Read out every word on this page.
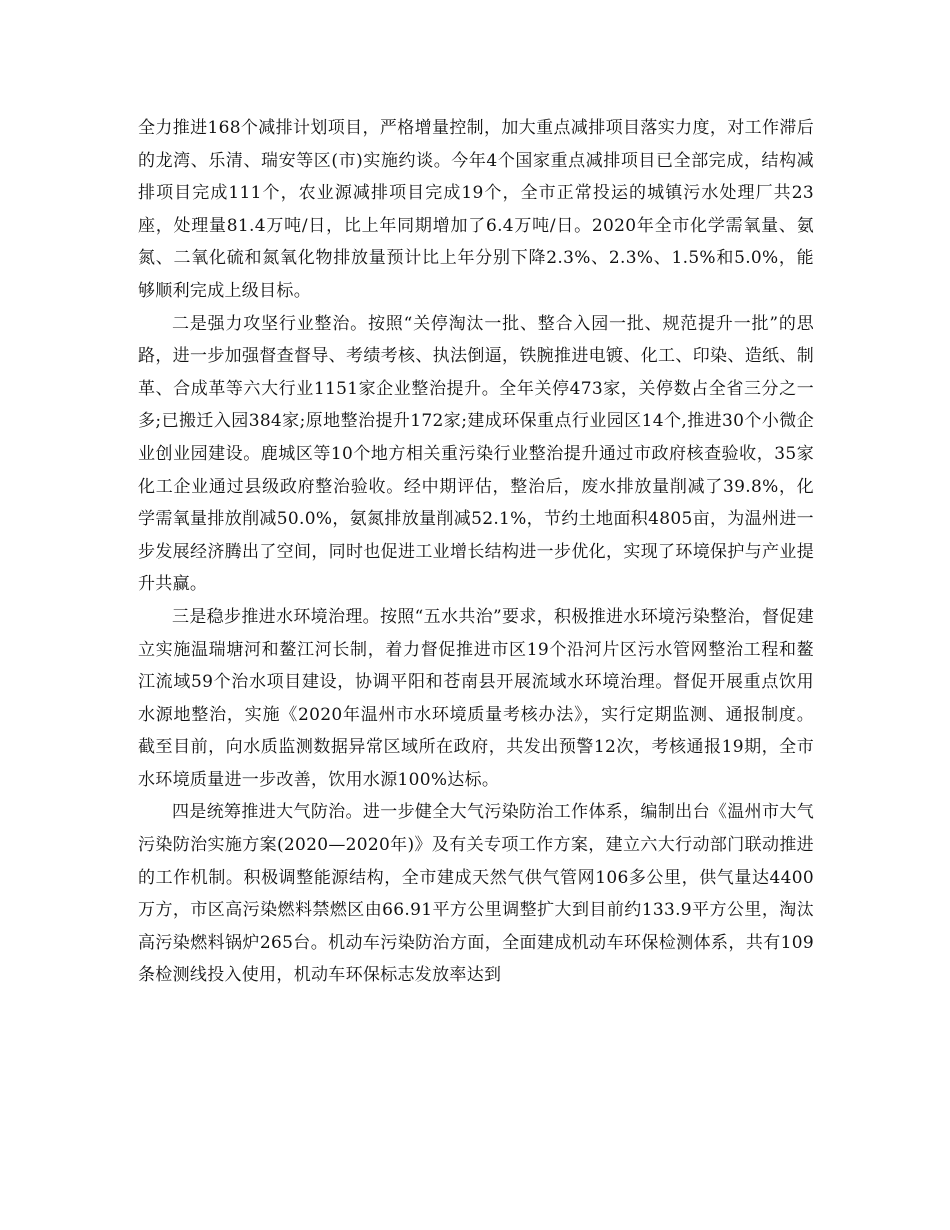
全力推进168个减排计划项目，严格增量控制，加大重点减排项目落实力度，对工作滞后的龙湾、乐清、瑞安等区(市)实施约谈。今年4个国家重点减排项目已全部完成，结构减排项目完成111个，农业源减排项目完成19个，全市正常投运的城镇污水处理厂共23座，处理量81.4万吨/日，比上年同期增加了6.4万吨/日。2020年全市化学需氧量、氨氮、二氧化硫和氮氧化物排放量预计比上年分别下降2.3%、2.3%、1.5%和5.0%，能够顺利完成上级目标。

二是强力攻坚行业整治。按照“关停淘汰一批、整合入园一批、规范提升一批”的思路，进一步加强督查督导、考绩考核、执法倒逼，铁腕推进电镀、化工、印染、造纸、制革、合成革等六大行业1151家企业整治提升。全年关停473家，关停数占全省三分之一多;已搬迁入园384家;原地整治提升172家;建成环保重点行业园区14个,推进30个小微企业创业园建设。鹿城区等10个地方相关重污染行业整治提升通过市政府核查验收，35家化工企业通过县级政府整治验收。经中期评估，整治后，废水排放量削减了39.8%，化学需氧量排放削减50.0%，氨氮排放量削减52.1%，节约土地面积4805亩，为温州进一步发展经济腾出了空间，同时也促进工业增长结构进一步优化，实现了环境保护与产业提升共赢。

三是稳步推进水环境治理。按照“五水共治”要求，积极推进水环境污染整治，督促建立实施温瑞塘河和鳌江河长制，着力督促推进市区19个沿河片区污水管网整治工程和鳌江流域59个治水项目建设，协调平阳和苍南县开展流域水环境治理。督促开展重点饮用水源地整治，实施《2020年温州市水环境质量考核办法》，实行定期监测、通报制度。截至目前，向水质监测数据异常区域所在政府，共发出预警12次，考核通报19期，全市水环境质量进一步改善，饮用水源100%达标。

四是统筹推进大气防治。进一步健全大气污染防治工作体系，编制出台《温州市大气污染防治实施方案(2020—2020年)》及有关专项工作方案，建立六大行动部门联动推进的工作机制。积极调整能源结构，全市建成天然气供气管网106多公里，供气量达4400万方，市区高污染燃料禁燃区由66.91平方公里调整扩大到目前约133.9平方公里，淘汰高污染燃料锅炉265台。机动车污染防治方面，全面建成机动车环保检测体系，共有109条检测线投入使用，机动车环保标志发放率达到
